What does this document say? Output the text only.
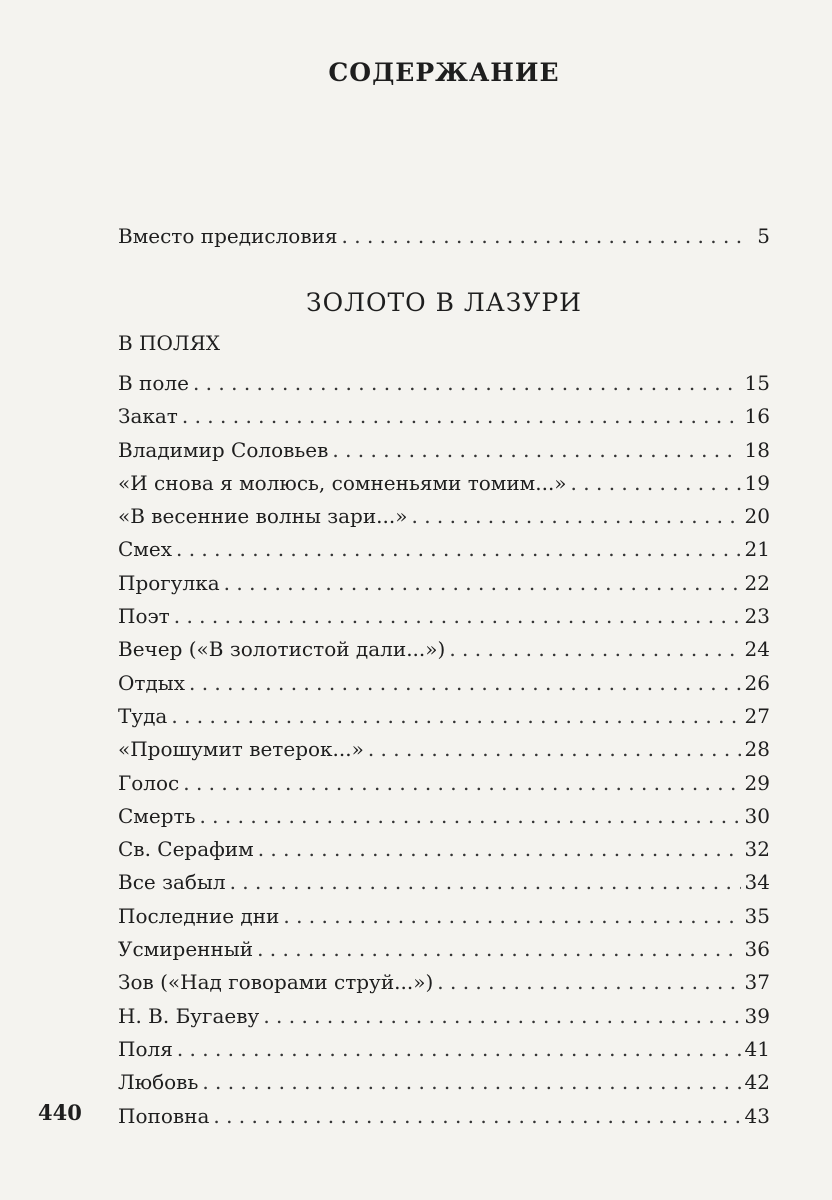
СОДЕРЖАНИЕ
Вместо предисловия . . .	5
ЗОЛОТО В ЛАЗУРИ
В ПОЛЯХ
В поле . . .	15
Закат . . .	16
Владимир Соловьев . . .	18
«И снова я молюсь, сомненьями томим...» . . .	19
«В весенние волны зари...» . . .	20
Смех . . .	21
Прогулка . . .	22
Поэт . . .	23
Вечер («В золотистой дали...») . . .	24
Отдых . . .	26
Туда . . .	27
«Прошумит ветерок...» . . .	28
Голос . . .	29
Смерть . . .	30
Св. Серафим . . .	32
Все забыл . . .	34
Последние дни . . .	35
Усмиренный . . .	36
Зов («Над говорами струй...») . . .	37
Н. В. Бугаеву . . .	39
Поля . . .	41
Любовь . . .	42
Поповна . . .	43
440
